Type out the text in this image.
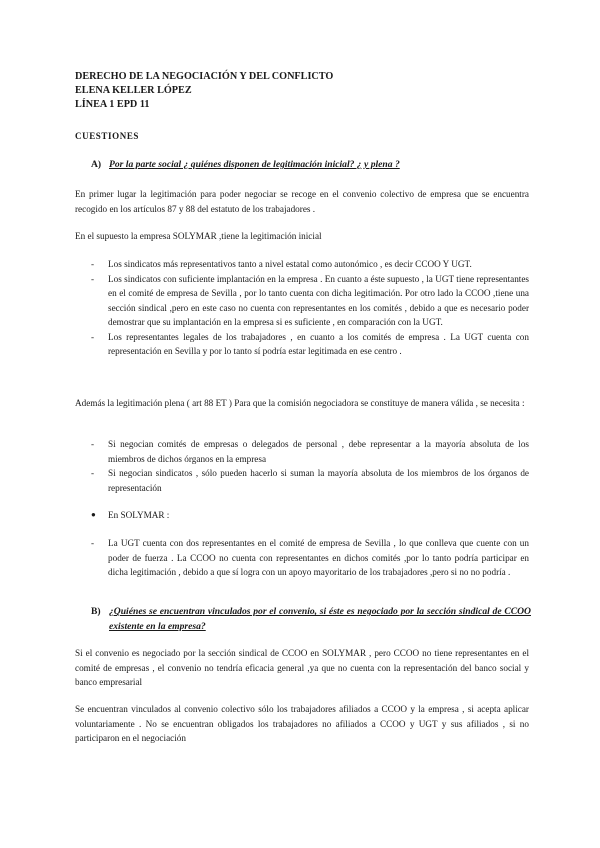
DERECHO DE LA NEGOCIACIÓN Y DEL CONFLICTO
ELENA KELLER LÓPEZ
LÍNEA 1 EPD 11
CUESTIONES
A) Por la parte social ¿ quiénes disponen de legitimación inicial? ¿ y plena ?
En primer lugar la legitimación para poder negociar se recoge en el convenio colectivo de empresa que se encuentra recogido en los artículos 87 y 88 del estatuto de los trabajadores .
En el supuesto la empresa SOLYMAR ,tiene la legitimación inicial
-	Los sindicatos más representativos tanto a nivel estatal como autonómico , es decir CCOO Y UGT.
-	Los sindicatos con suficiente implantación en la empresa . En cuanto a éste supuesto , la UGT tiene representantes en el comité de empresa de Sevilla , por lo tanto cuenta con dicha legitimación. Por otro lado la CCOO ,tiene una sección sindical ,pero en este caso no cuenta con representantes en los comités , debido a que es necesario poder demostrar que su implantación en la empresa si es suficiente , en comparación con la UGT.
-	Los representantes legales de los trabajadores , en cuanto a los comités de empresa . La UGT cuenta con representación en Sevilla y por lo tanto sí podría estar legitimada en ese centro .
Además la legitimación plena ( art 88 ET ) Para que la comisión negociadora se constituye de manera válida , se necesita :
-	Si negocian comités de empresas o delegados de personal , debe representar a la mayoría absoluta de los miembros de dichos órganos en la empresa
-	Si negocian sindicatos , sólo pueden hacerlo si suman la mayoría absoluta de los miembros de los órganos de representación
●	En SOLYMAR :
-	La UGT cuenta con dos representantes en el comité de empresa de Sevilla , lo que conlleva que cuente con un poder de fuerza . La CCOO no cuenta con representantes en dichos comités ,por lo tanto podría participar en dicha legitimación , debido a que sí logra con un apoyo mayoritario de los trabajadores ,pero si no no podría .
B) ¿Quiénes se encuentran vinculados por el convenio, si éste es negociado por la sección sindical de CCOO existente en la empresa?
Si el convenio es negociado por la sección sindical de CCOO en SOLYMAR , pero CCOO no tiene representantes en el comité de empresas , el convenio no tendría eficacia general ,ya que no cuenta con la representación del banco social y banco empresarial
Se encuentran vinculados al convenio colectivo sólo los trabajadores afiliados a CCOO y la empresa , si acepta aplicar voluntariamente . No se encuentran obligados los trabajadores no afiliados a CCOO y UGT y sus afiliados , si no participaron en el negociación
